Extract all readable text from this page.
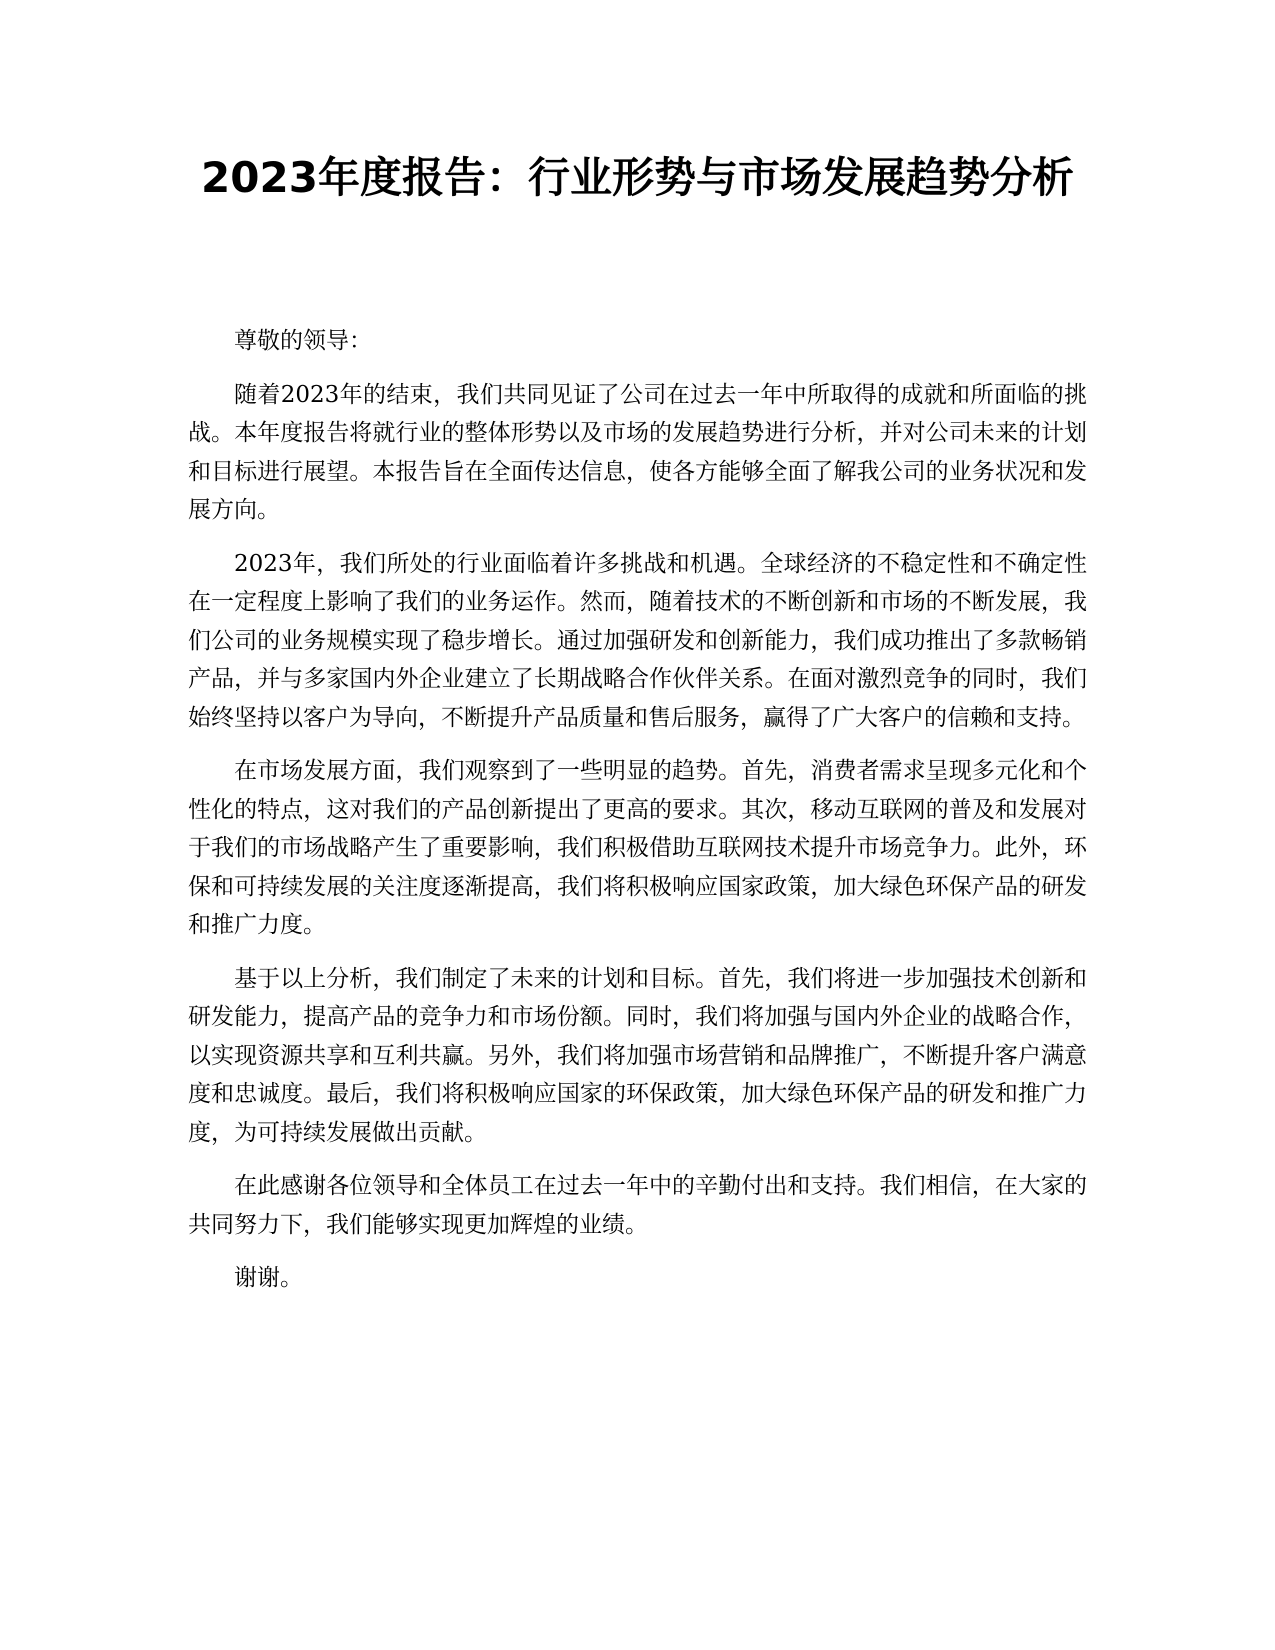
2023年度报告：行业形势与市场发展趋势分析

尊敬的领导：

随着2023年的结束，我们共同见证了公司在过去一年中所取得的成就和所面临的挑战。本年度报告将就行业的整体形势以及市场的发展趋势进行分析，并对公司未来的计划和目标进行展望。本报告旨在全面传达信息，使各方能够全面了解我公司的业务状况和发展方向。

2023年，我们所处的行业面临着许多挑战和机遇。全球经济的不稳定性和不确定性在一定程度上影响了我们的业务运作。然而，随着技术的不断创新和市场的不断发展，我们公司的业务规模实现了稳步增长。通过加强研发和创新能力，我们成功推出了多款畅销产品，并与多家国内外企业建立了长期战略合作伙伴关系。在面对激烈竞争的同时，我们始终坚持以客户为导向，不断提升产品质量和售后服务，赢得了广大客户的信赖和支持。

在市场发展方面，我们观察到了一些明显的趋势。首先，消费者需求呈现多元化和个性化的特点，这对我们的产品创新提出了更高的要求。其次，移动互联网的普及和发展对于我们的市场战略产生了重要影响，我们积极借助互联网技术提升市场竞争力。此外，环保和可持续发展的关注度逐渐提高，我们将积极响应国家政策，加大绿色环保产品的研发和推广力度。

基于以上分析，我们制定了未来的计划和目标。首先，我们将进一步加强技术创新和研发能力，提高产品的竞争力和市场份额。同时，我们将加强与国内外企业的战略合作，以实现资源共享和互利共赢。另外，我们将加强市场营销和品牌推广，不断提升客户满意度和忠诚度。最后，我们将积极响应国家的环保政策，加大绿色环保产品的研发和推广力度，为可持续发展做出贡献。

在此感谢各位领导和全体员工在过去一年中的辛勤付出和支持。我们相信，在大家的共同努力下，我们能够实现更加辉煌的业绩。

谢谢。
